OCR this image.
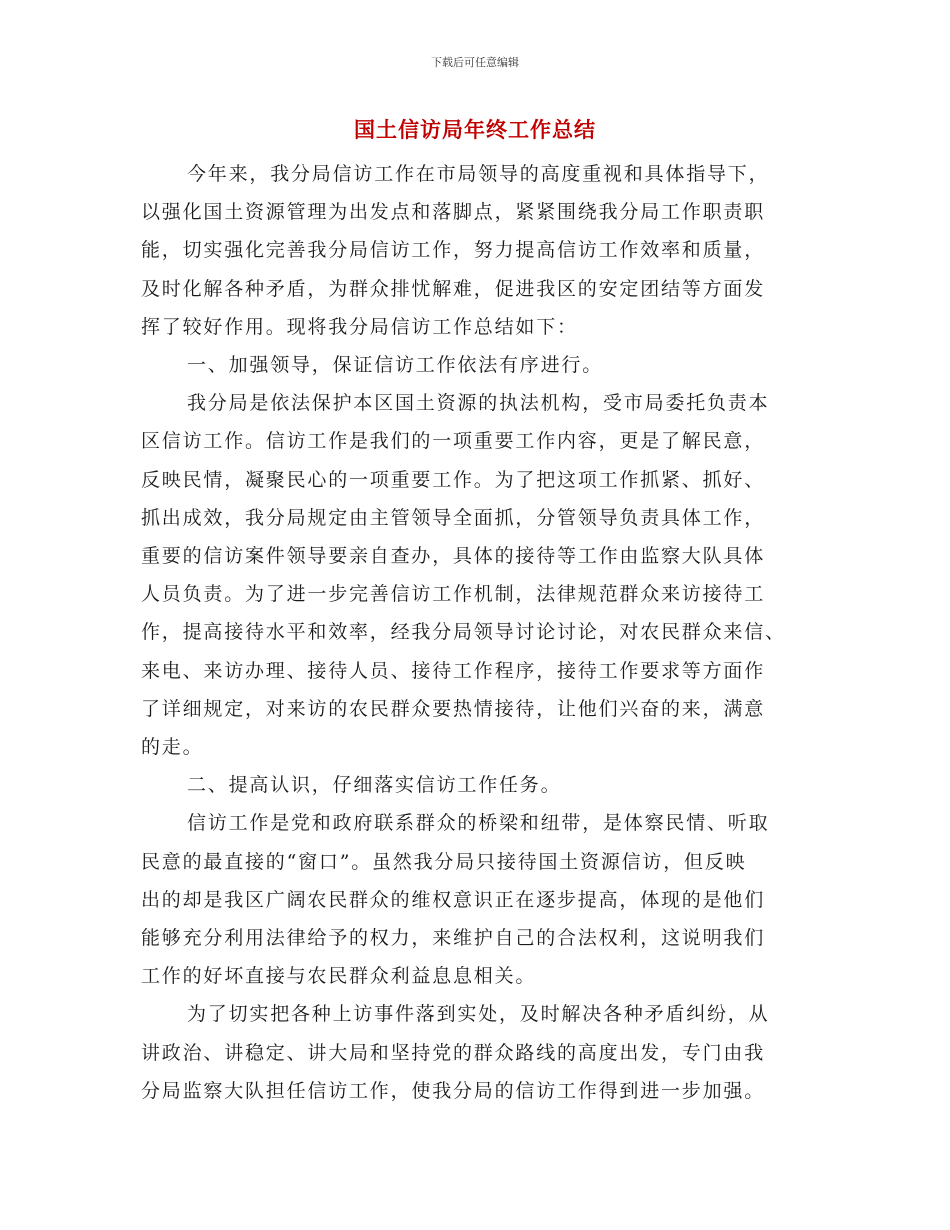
下载后可任意编辑
国土信访局年终工作总结
今年来，我分局信访工作在市局领导的高度重视和具体指导下，
以强化国土资源管理为出发点和落脚点，紧紧围绕我分局工作职责职
能，切实强化完善我分局信访工作，努力提高信访工作效率和质量，
及时化解各种矛盾，为群众排忧解难，促进我区的安定团结等方面发
挥了较好作用。现将我分局信访工作总结如下：
一、加强领导，保证信访工作依法有序进行。
我分局是依法保护本区国土资源的执法机构，受市局委托负责本
区信访工作。信访工作是我们的一项重要工作内容，更是了解民意，
反映民情，凝聚民心的一项重要工作。为了把这项工作抓紧、抓好、
抓出成效，我分局规定由主管领导全面抓，分管领导负责具体工作，
重要的信访案件领导要亲自查办，具体的接待等工作由监察大队具体
人员负责。为了进一步完善信访工作机制，法律规范群众来访接待工
作，提高接待水平和效率，经我分局领导讨论讨论，对农民群众来信、
来电、来访办理、接待人员、接待工作程序，接待工作要求等方面作
了详细规定，对来访的农民群众要热情接待，让他们兴奋的来，满意
的走。
二、提高认识，仔细落实信访工作任务。
信访工作是党和政府联系群众的桥梁和纽带，是体察民情、听取
民意的最直接的“窗口”。虽然我分局只接待国土资源信访，但反映
出的却是我区广阔农民群众的维权意识正在逐步提高，体现的是他们
能够充分利用法律给予的权力，来维护自己的合法权利，这说明我们
工作的好坏直接与农民群众利益息息相关。
为了切实把各种上访事件落到实处，及时解决各种矛盾纠纷，从
讲政治、讲稳定、讲大局和坚持党的群众路线的高度出发，专门由我
分局监察大队担任信访工作，使我分局的信访工作得到进一步加强。
